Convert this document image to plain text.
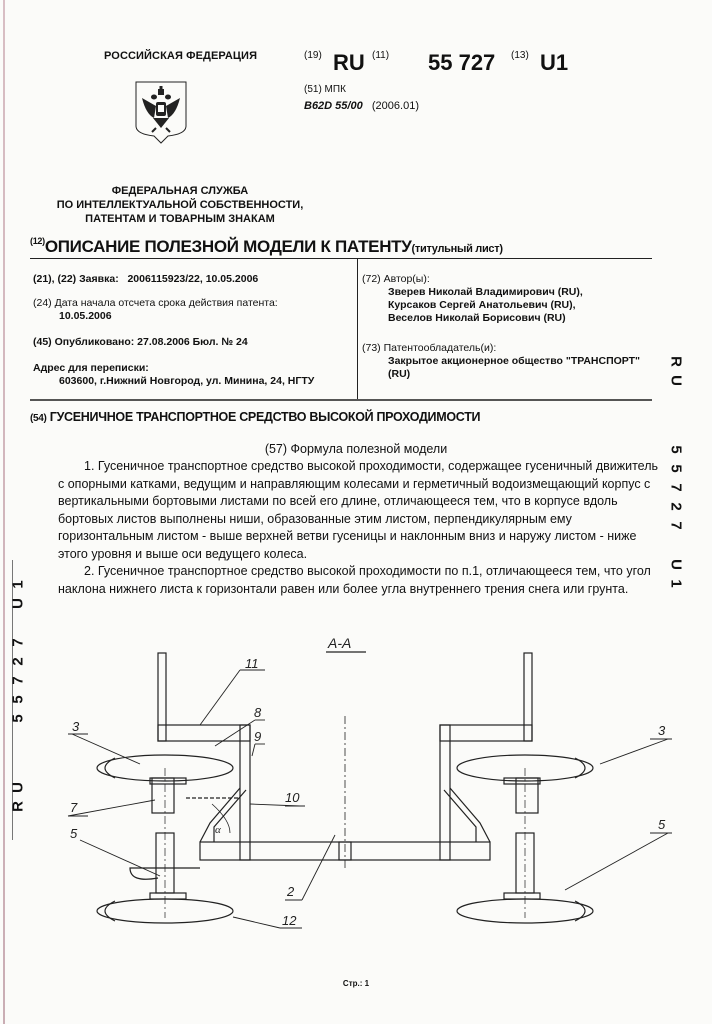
РОССИЙСКАЯ ФЕДЕРАЦИЯ
ФЕДЕРАЛЬНАЯ СЛУЖБА
ПО ИНТЕЛЛЕКТУАЛЬНОЙ СОБСТВЕННОСТИ,
ПАТЕНТАМ И ТОВАРНЫМ ЗНАКАМ
(19) RU (11) 55 727 (13) U1
(51) МПК
B62D 55/00 (2006.01)
$^{(12)}$ОПИСАНИЕ ПОЛЕЗНОЙ МОДЕЛИ К ПАТЕНТУ(титульный лист)
(21), (22) Заявка: 2006115923/22, 10.05.2006
(24) Дата начала отсчета срока действия патента:
10.05.2006
(45) Опубликовано: 27.08.2006 Бюл. № 24
Адрес для переписки:
603600, г.Нижний Новгород, ул. Минина, 24, НГТУ
(72) Автор(ы):
Зверев Николай Владимирович (RU),
Курсаков Сергей Анатольевич (RU),
Веселов Николай Борисович (RU)
(73) Патентообладатель(и):
Закрытое акционерное общество "ТРАНСПОРТ"
(RU)
R
U
5
5
7
2
7
U
1
1
U
7
2
7
5
5
U
R
(54) ГУСЕНИЧНОЕ ТРАНСПОРТНОЕ СРЕДСТВО ВЫСОКОЙ ПРОХОДИМОСТИ
(57) Формула полезной модели

1. Гусеничное транспортное средство высокой проходимости, содержащее гусеничный движитель с опорными катками, ведущим и направляющим колесами и герметичный водоизмещающий корпус с вертикальными бортовыми листами по всей его длине, отличающееся тем, что в корпусе вдоль бортовых листов выполнены ниши, образованные этим листом, перпендикулярным ему горизонтальным листом - выше верхней ветви гусеницы и наклонным вниз и наружу листом - ниже этого уровня и выше оси ведущего колеса.

2. Гусеничное транспортное средство высокой проходимости по п.1, отличающееся тем, что угол наклона нижнего листа к горизонтали равен или более угла внутреннего трения снега или грунта.

А-А
α
11
8
9
3
10
7
5
2
12
3
5
Стр.: 1
